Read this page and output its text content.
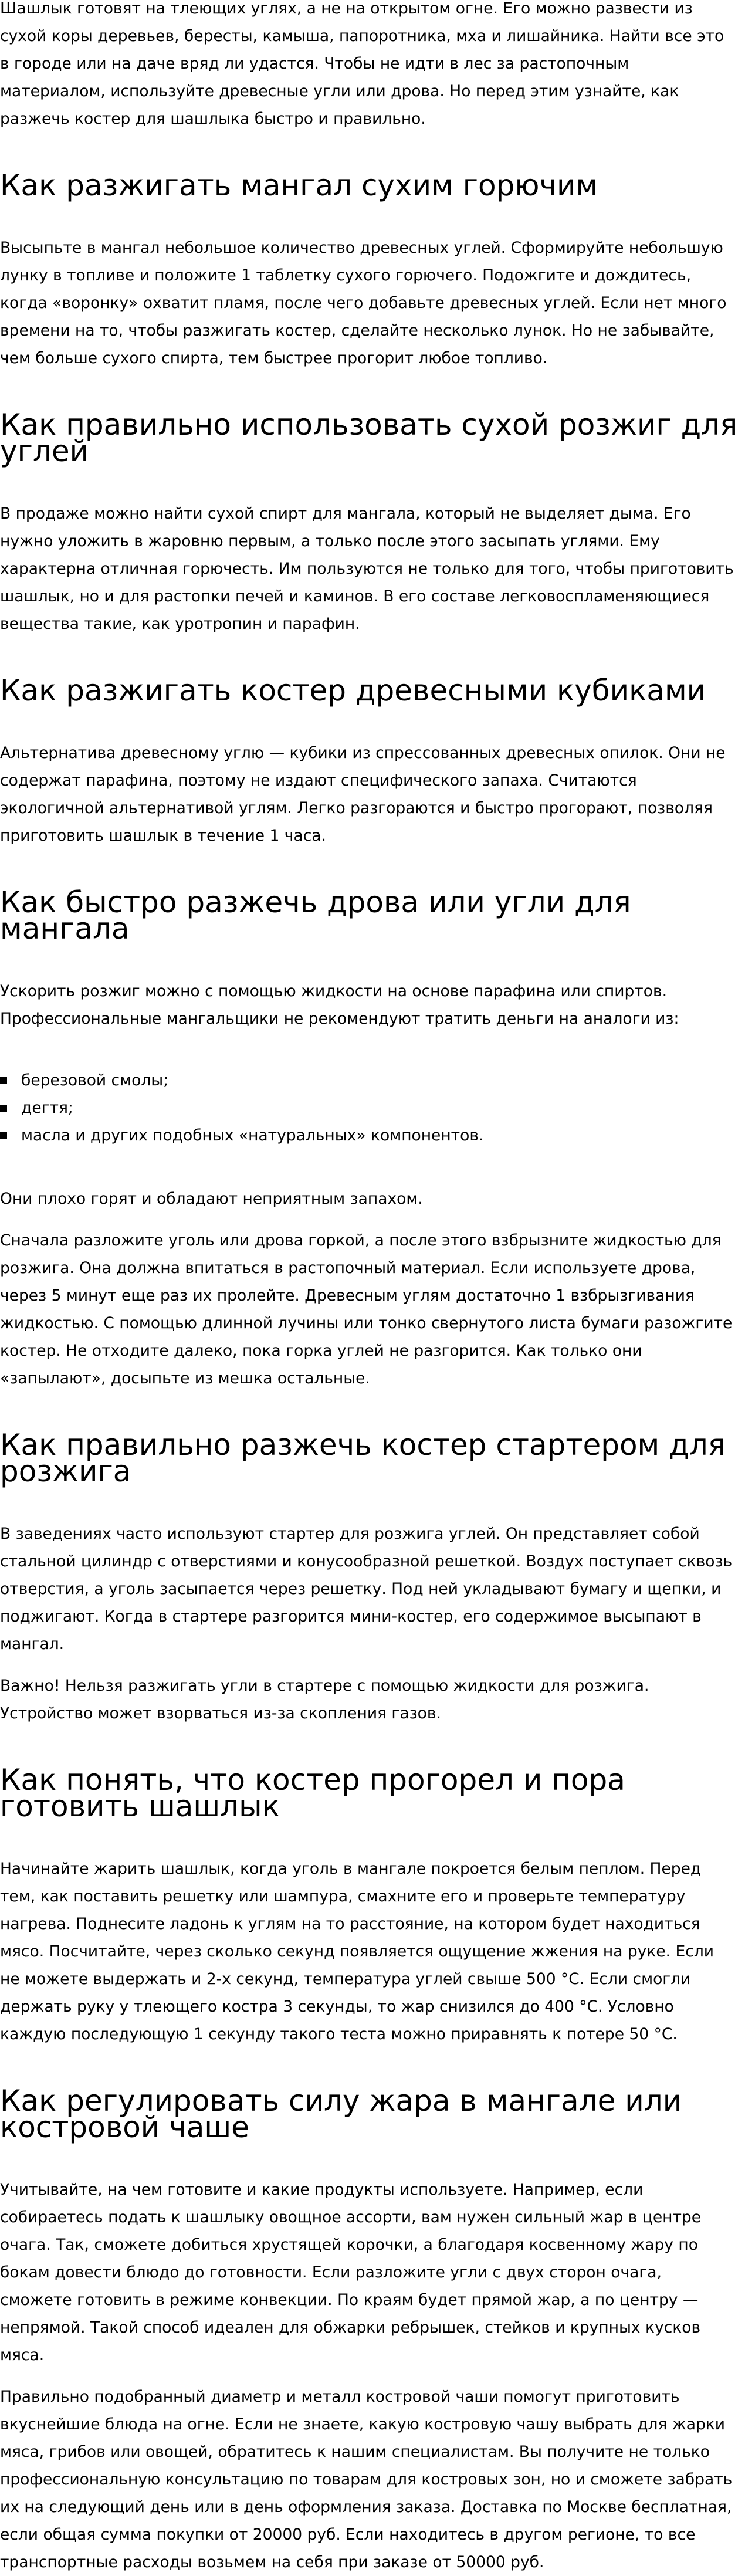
Шашлык готовят на тлеющих углях, а не на открытом огне. Его можно развести из сухой коры деревьев, бересты, камыша, папоротника, мха и лишайника. Найти все это в городе или на даче вряд ли удастся. Чтобы не идти в лес за растопочным материалом, используйте древесные угли или дрова. Но перед этим узнайте, как разжечь костер для шашлыка быстро и правильно.

Как разжигать мангал сухим горючим

Высыпьте в мангал небольшое количество древесных углей. Сформируйте небольшую лунку в топливе и положите 1 таблетку сухого горючего. Подожгите и дождитесь, когда «воронку» охватит пламя, после чего добавьте древесных углей. Если нет много времени на то, чтобы разжигать костер, сделайте несколько лунок. Но не забывайте, чем больше сухого спирта, тем быстрее прогорит любое топливо.

Как правильно использовать сухой розжиг для углей

В продаже можно найти сухой спирт для мангала, который не выделяет дыма. Его нужно уложить в жаровню первым, а только после этого засыпать углями. Ему характерна отличная горючесть. Им пользуются не только для того, чтобы приготовить шашлык, но и для растопки печей и каминов. В его составе легковоспламеняющиеся вещества такие, как уротропин и парафин.

Как разжигать костер древесными кубиками

Альтернатива древесному углю — кубики из спрессованных древесных опилок. Они не содержат парафина, поэтому не издают специфического запаха. Считаются экологичной альтернативой углям. Легко разгораются и быстро прогорают, позволяя приготовить шашлык в течение 1 часа.

Как быстро разжечь дрова или угли для мангала

Ускорить розжиг можно с помощью жидкости на основе парафина или спиртов. Профессиональные мангальщики не рекомендуют тратить деньги на аналоги из:

березовой смолы;
дегтя;
масла и других подобных «натуральных» компонентов.

Они плохо горят и обладают неприятным запахом.

Сначала разложите уголь или дрова горкой, а после этого взбрызните жидкостью для розжига. Она должна впитаться в растопочный материал. Если используете дрова, через 5 минут еще раз их пролейте. Древесным углям достаточно 1 взбрызгивания жидкостью. С помощью длинной лучины или тонко свернутого листа бумаги разожгите костер. Не отходите далеко, пока горка углей не разгорится. Как только они «запылают», досыпьте из мешка остальные.

Как правильно разжечь костер стартером для розжига

В заведениях часто используют стартер для розжига углей. Он представляет собой стальной цилиндр с отверстиями и конусообразной решеткой. Воздух поступает сквозь отверстия, а уголь засыпается через решетку. Под ней укладывают бумагу и щепки, и поджигают. Когда в стартере разгорится мини-костер, его содержимое высыпают в мангал.

Важно! Нельзя разжигать угли в стартере с помощью жидкости для розжига. Устройство может взорваться из-за скопления газов.

Как понять, что костер прогорел и пора готовить шашлык

Начинайте жарить шашлык, когда уголь в мангале покроется белым пеплом. Перед тем, как поставить решетку или шампура, смахните его и проверьте температуру нагрева. Поднесите ладонь к углям на то расстояние, на котором будет находиться мясо. Посчитайте, через сколько секунд появляется ощущение жжения на руке. Если не можете выдержать и 2-х секунд, температура углей свыше 500 °C. Если смогли держать руку у тлеющего костра 3 секунды, то жар снизился до 400 °C. Условно каждую последующую 1 секунду такого теста можно приравнять к потере 50 °C.

Как регулировать силу жара в мангале или костровой чаше

Учитывайте, на чем готовите и какие продукты используете. Например, если собираетесь подать к шашлыку овощное ассорти, вам нужен сильный жар в центре очага. Так, сможете добиться хрустящей корочки, а благодаря косвенному жару по бокам довести блюдо до готовности. Если разложите угли с двух сторон очага, сможете готовить в режиме конвекции. По краям будет прямой жар, а по центру — непрямой. Такой способ идеален для обжарки ребрышек, стейков и крупных кусков мяса.

Правильно подобранный диаметр и металл костровой чаши помогут приготовить вкуснейшие блюда на огне. Если не знаете, какую костровую чашу выбрать для жарки мяса, грибов или овощей, обратитесь к нашим специалистам. Вы получите не только профессиональную консультацию по товарам для костровых зон, но и сможете забрать их на следующий день или в день оформления заказа. Доставка по Москве бесплатная, если общая сумма покупки от 20000 руб. Если находитесь в другом регионе, то все транспортные расходы возьмем на себя при заказе от 50000 руб.
